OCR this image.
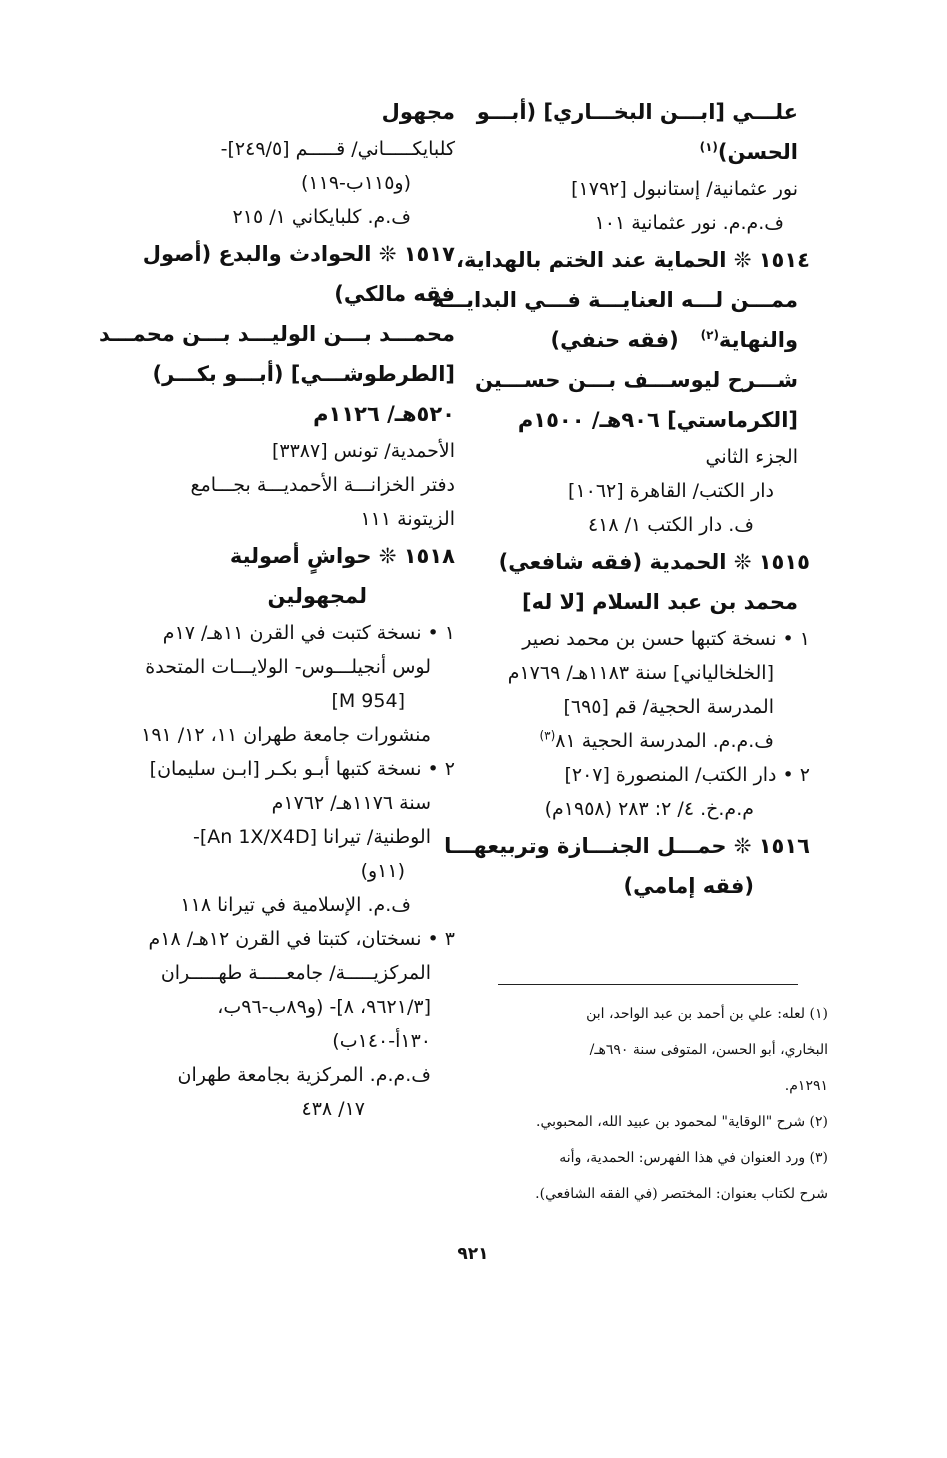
علـــي [ابـــن البخـــاري] (أبـــو
الحسن)$^{(١)}$
نور عثمانية/ إستانبول [١٧٩٢]
ف.م.م. نور عثمانية ١٠١
١٥١٤ ❊ الحماية عند الختم بالهداية،
ممـــن لـــه العنايـــة فـــي البدايـــة
والنهاية$^{(٢)}$   (فقه حنفي)
شـــرح ليوســـف بـــن حســـين
[الكرماستي] ٩٠٦هـ/ ١٥٠٠م
الجزء الثاني
دار الكتب/ القاهرة [١٠٦٢]
ف. دار الكتب ١/ ٤١٨
١٥١٥ ❊ الحمدية (فقه شافعي)
محمد بن عبد السلام [لا له]
١ • نسخة كتبها حسن بن محمد نصير
[الخلخالياني] سنة ١١٨٣هـ/ ١٧٦٩م
المدرسة الحجية/ قم [٦٩٥]
ف.م.م. المدرسة الحجية ٨١$^{(٣)}$
٢ • دار الكتب/ المنصورة [٢٠٧]
م.م.خ. ٤/ ٢: ٢٨٣ (١٩٥٨م)
١٥١٦ ❊ حمـــل الجنـــازة وتربيعهـــا
(فقه إمامي)
مجهول
كلبايكـــــاني/ قـــــم [٢٤٩/٥]-
(و١١٥ب-١١٩)
ف.م. كلبايكاني ١/ ٢١٥
١٥١٧ ❊ الحوادث والبدع (أصول
فقه مالكي)
محمـــد بـــن الوليـــد بـــن محمـــد
[الطرطوشـــي] (أبـــو بكـــر)
٥٢٠هـ/ ١١٢٦م
الأحمدية/ تونس [٣٣٨٧]
دفتر الخزانـــة الأحمديـــة بجـــامع
الزيتونة ١١١
١٥١٨ ❊ حواشٍ أصولية
لمجهولين
١ • نسخة كتبت في القرن ١١هـ/ ١٧م
لوس أنجيلـــوس- الولايـــات المتحدة
[M 954]
منشورات جامعة طهران ١١، ١٢/ ١٩١
٢ • نسخة كتبها أبـو بكـر [ابـن سليمان]
سنة ١١٧٦هـ/ ١٧٦٢م
الوطنية/ تيرانا [An 1X/X4D]-
(١١و)
ف.م. الإسلامية في تيرانا ١١٨
٣ • نسختان، كتبتا في القرن ١٢هـ/ ١٨م
المركزيـــــة/ جامعـــــة طهـــــران
[٩٦٢١/٣، ٨]- (و٨٩ب-٩٦ب،
١٣٠أ-١٤٠ب)
ف.م.م. المركزية بجامعة طهران
١٧/ ٤٣٨
(١) لعله: علي بن أحمد بن عبد الواحد، ابن
البخاري، أبو الحسن، المتوفى سنة ٦٩٠هـ/
١٢٩١م.
(٢) شرح "الوقاية" لمحمود بن عبيد الله، المحبوبي.
(٣) ورد العنوان في هذا الفهرس: الحمدية، وأنه
شرح لكتاب بعنوان: المختصر (في الفقه الشافعي).
٩٢١
